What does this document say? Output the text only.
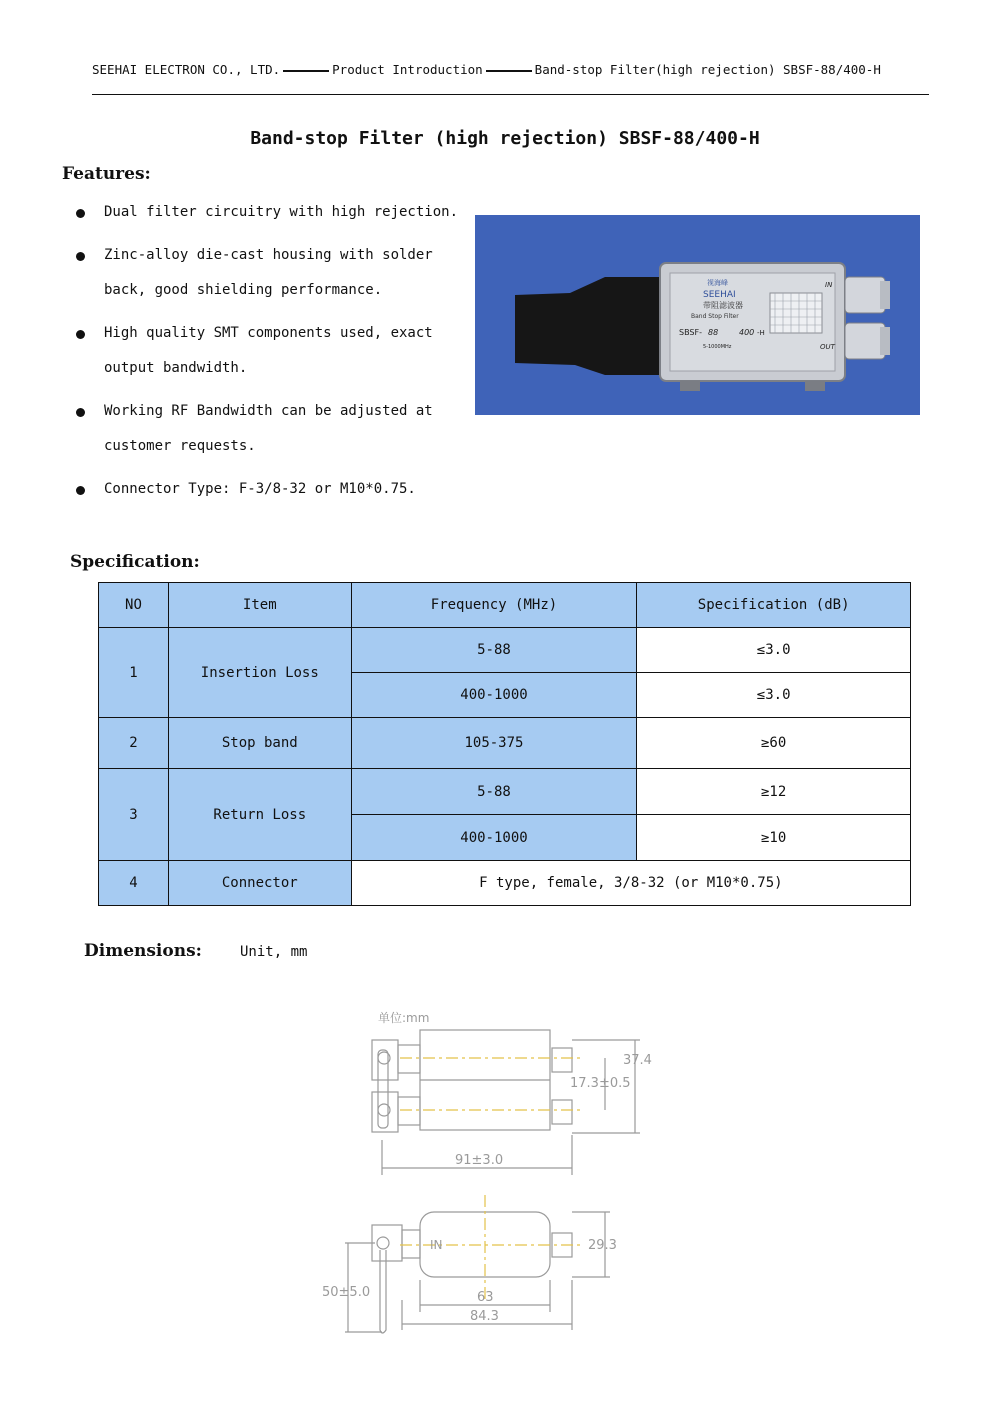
SEEHAI ELECTRON CO., LTD.	Product Introduction	Band-stop Filter(high rejection) SBSF-88/400-H
Band-stop Filter (high rejection) SBSF-88/400-H
Features:
Dual filter circuitry with high rejection.
Zinc-alloy die-cast housing with solder back, good shielding performance.
High quality SMT components used, exact output bandwidth.
Working RF Bandwidth can be adjusted at customer requests.
Connector Type: F-3/8-32 or M10*0.75.
视海峰
SEEHAI
带阻滤波器
Band Stop Filter
SBSF- 88	400 -H
5-1000MHz
IN
OUT
Specification:
NO	Item	Frequency (MHz)	Specification (dB)
1	Insertion Loss	5-88	≤3.0
		400-1000	≤3.0
2	Stop band	105-375	≥60
3	Return Loss	5-88	≥12
		400-1000	≥10
4	Connector	F type, female, 3/8-32 (or M10*0.75)	
Dimensions:	Unit, mm
单位:mm
37.4
17.3±0.5
91±3.0
29.3
IN
50±5.0	63
84.3
